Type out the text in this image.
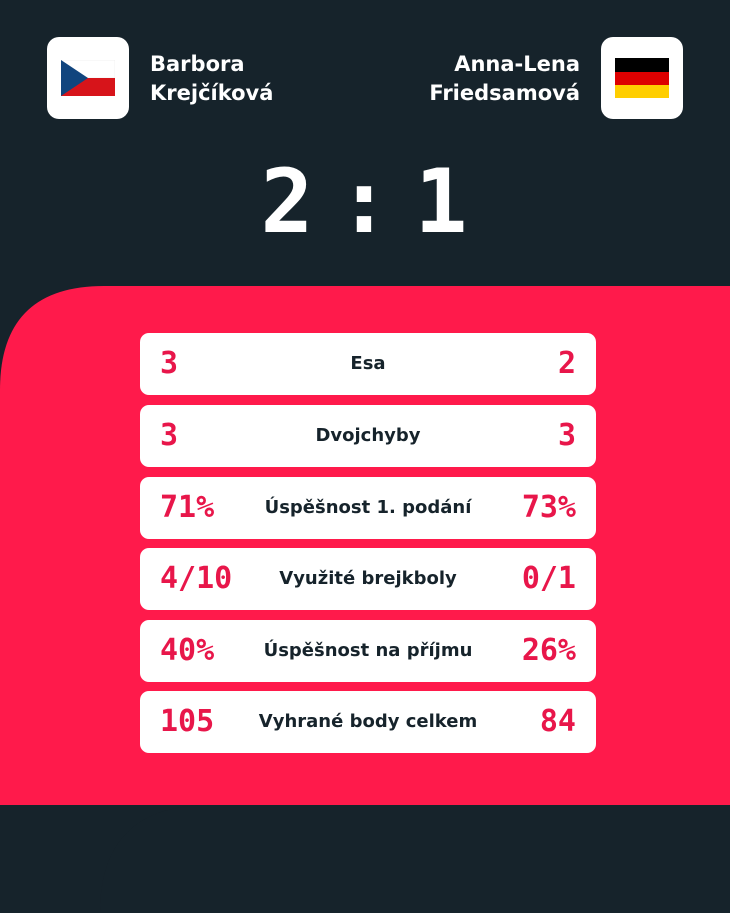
Barbora
Krejčíková
Anna-Lena
Friedsamová
2 : 1
Esa
3	2
Dvojchyby
3	3
Úspěšnost 1. podání
71%	73%
Využité brejkboly
4/10	0/1
Úspěšnost na příjmu
40%	26%
Vyhrané body celkem
105	84
